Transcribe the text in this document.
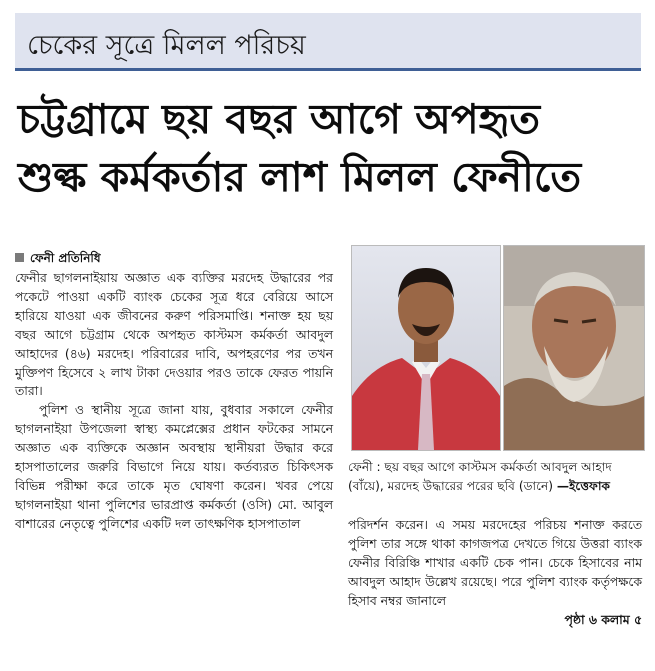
চেকের সূত্রে মিলল পরিচয়
চট্টগ্রামে ছয় বছর আগে অপহৃত
শুল্ক কর্মকর্তার লাশ মিলল ফেনীতে
ফেনী প্রতিনিধি

ফেনীর ছাগলনাইয়ায় অজ্ঞাত এক ব্যক্তির মরদেহ উদ্ধারের পর পকেটে পাওয়া একটি ব্যাংক চেকের সূত্র ধরে বেরিয়ে আসে হারিয়ে যাওয়া এক জীবনের করুণ পরিসমাপ্তি। শনাক্ত হয় ছয় বছর আগে চট্টগ্রাম থেকে অপহৃত কাস্টমস কর্মকর্তা আবদুল আহাদের (৪৬) মরদেহ। পরিবারের দাবি, অপহরণের পর তখন মুক্তিপণ হিসেবে ২ লাখ টাকা দেওয়ার পরও তাকে ফেরত পায়নি তারা।

পুলিশ ও স্থানীয় সূত্রে জানা যায়, বুধবার সকালে ফেনীর ছাগলনাইয়া উপজেলা স্বাস্থ্য কমপ্লেক্সের প্রধান ফটকের সামনে অজ্ঞাত এক ব্যক্তিকে অজ্ঞান অবস্থায় স্থানীয়রা উদ্ধার করে হাসপাতালের জরুরি বিভাগে নিয়ে যায়। কর্তব্যরত চিকিৎসক বিভিন্ন পরীক্ষা করে তাকে মৃত ঘোষণা করেন। খবর পেয়ে ছাগলনাইয়া থানা পুলিশের ভারপ্রাপ্ত কর্মকর্তা (ওসি) মো. আবুল বাশারের নেতৃত্বে পুলিশের একটি দল তাৎক্ষণিক হাসপাতাল

ফেনী : ছয় বছর আগে কাস্টমস কর্মকর্তা আবদুল আহাদ (বাঁয়ে), মরদেহ উদ্ধারের পরের ছবি (ডানে) —ইত্তেফাক

পরিদর্শন করেন। এ সময় মরদেহের পরিচয় শনাক্ত করতে পুলিশ তার সঙ্গে থাকা কাগজপত্র দেখতে গিয়ে উত্তরা ব্যাংক ফেনীর বিরিঞ্চি শাখার একটি চেক পান। চেকে হিসাবের নাম আবদুল আহাদ উল্লেখ রয়েছে। পরে পুলিশ ব্যাংক কর্তৃপক্ষকে হিসাব নম্বর জানালে

পৃষ্ঠা ৬ কলাম ৫
